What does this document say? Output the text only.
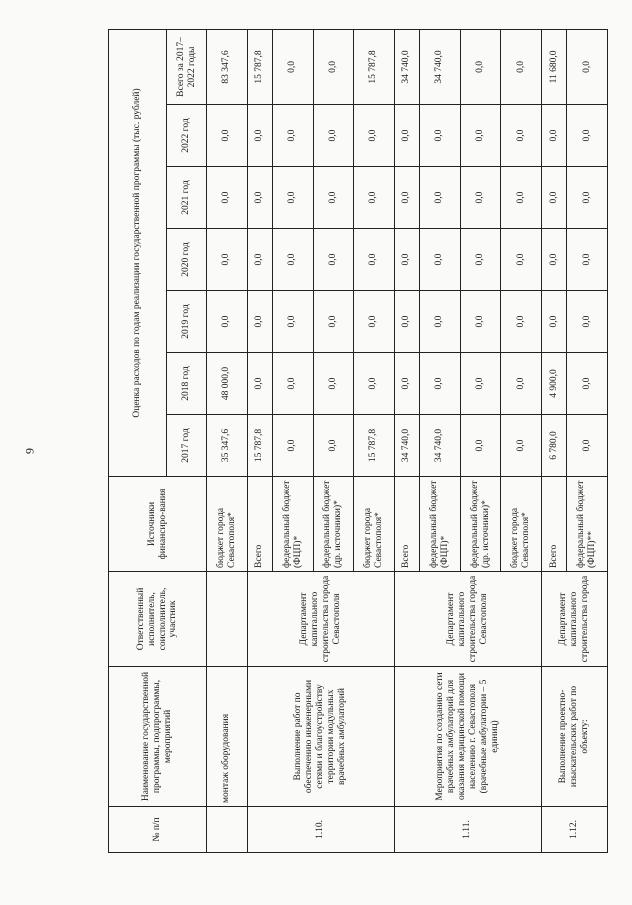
9
№ п/п	Наименование государственной программы, подпрограммы, мероприятий	Ответственный исполнитель, соисполнитель, участник	Источники финансиро-вания	Оценка расходов по годам реализации государственной программы (тыс. рублей)						
				2017 год	2018 год	2019 год	2020 год	2021 год	2022 год	Всего за 2017–2022 годы
	монтаж оборудования		бюджет города Севастополя*	35 347,6	48 000,0	0,0	0,0	0,0	0,0	83 347,6
1.10.	Выполнение работ по обеспечению инженерными сетями и благоустройству территории модульных врачебных амбулаторий	Департамент капитального строительства города Севастополя	Всего	15 787,8	0,0	0,0	0,0	0,0	0,0	15 787,8
			федеральный бюджет (ФЦП)*	0,0	0,0	0,0	0,0	0,0	0,0	0,0
			федеральный бюджет (др. источники)*	0,0	0,0	0,0	0,0	0,0	0,0	0,0
			бюджет города Севастополя*	15 787,8	0,0	0,0	0,0	0,0	0,0	15 787,8
1.11.	Мероприятия по созданию сети врачебных амбулаторий для оказания медицинской помощи населению г. Севастополя (врачебные амбулатории – 5 единиц)	Департамент капитального строительства города Севастополя	Всего	34 740,0	0,0	0,0	0,0	0,0	0,0	34 740,0
			федеральный бюджет (ФЦП)*	34 740,0	0,0	0,0	0,0	0,0	0,0	34 740,0
			федеральный бюджет (др. источники)*	0,0	0,0	0,0	0,0	0,0	0,0	0,0
			бюджет города Севастополя*	0,0	0,0	0,0	0,0	0,0	0,0	0,0
1.12.	Выполнение проектно-изыскательских работ по объекту:	Департамент капитального строительства города	Всего	6 780,0	4 900,0	0,0	0,0	0,0	0,0	11 680,0
			федеральный бюджет (ФЦП)**	0,0	0,0	0,0	0,0	0,0	0,0	0,0
